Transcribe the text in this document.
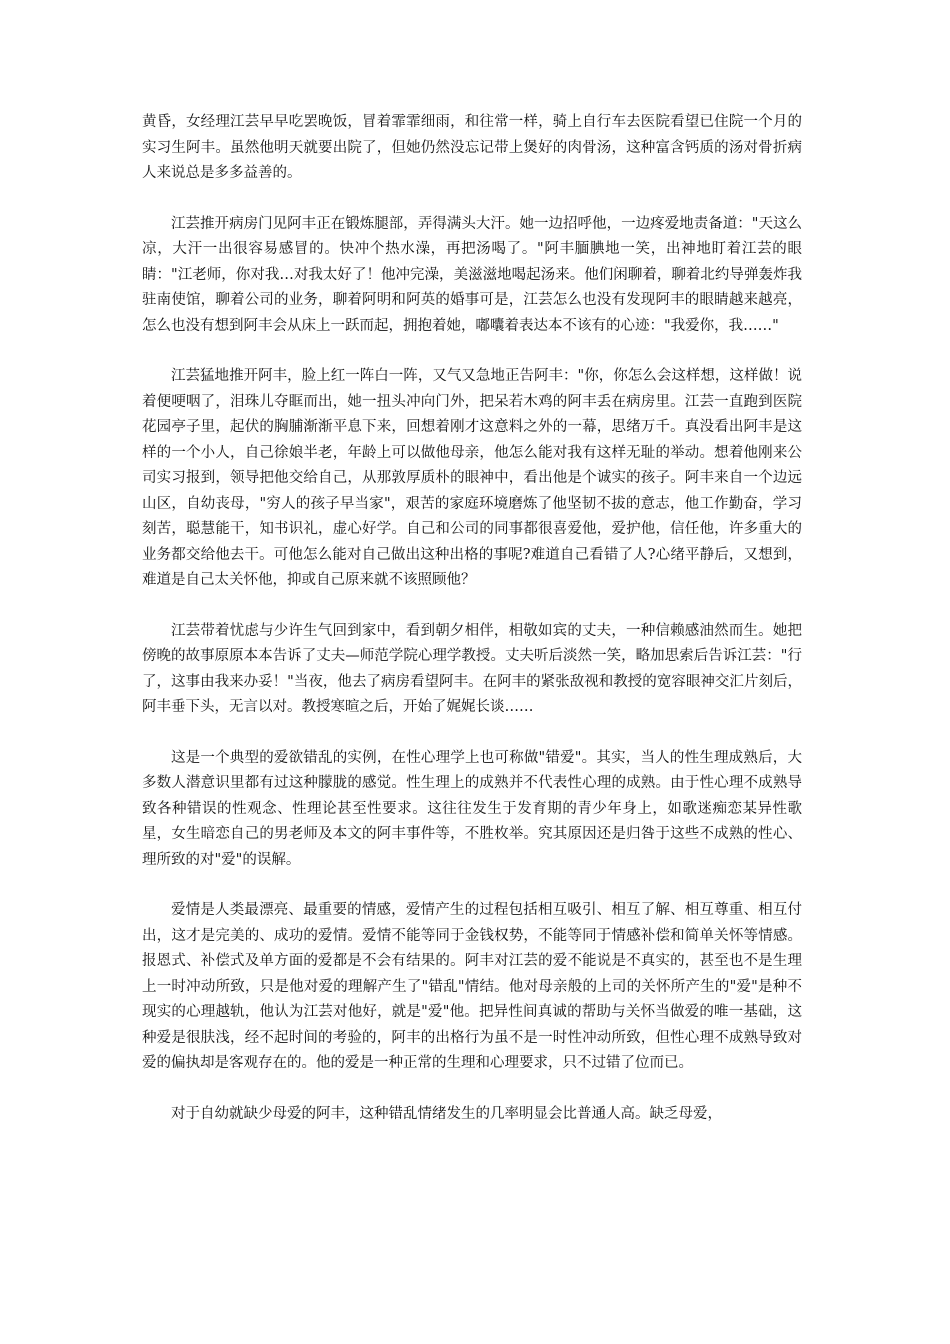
黄昏，女经理江芸早早吃罢晚饭，冒着霏霏细雨，和往常一样，骑上自行车去医院看望已住院一个月的实习生阿丰。虽然他明天就要出院了，但她仍然没忘记带上煲好的肉骨汤，这种富含钙质的汤对骨折病人来说总是多多益善的。

江芸推开病房门见阿丰正在锻炼腿部，弄得满头大汗。她一边招呼他，一边疼爱地责备道："天这么凉，大汗一出很容易感冒的。快冲个热水澡，再把汤喝了。"阿丰腼腆地一笑，出神地盯着江芸的眼睛："江老师，你对我…对我太好了！他冲完澡，美滋滋地喝起汤来。他们闲聊着，聊着北约导弹轰炸我驻南使馆，聊着公司的业务，聊着阿明和阿英的婚事可是，江芸怎么也没有发现阿丰的眼睛越来越亮，怎么也没有想到阿丰会从床上一跃而起，拥抱着她，嘟囔着表达本不该有的心迹："我爱你，我……"

江芸猛地推开阿丰，脸上红一阵白一阵，又气又急地正告阿丰："你，你怎么会这样想，这样做！说着便哽咽了，泪珠儿夺眶而出，她一扭头冲向门外，把呆若木鸡的阿丰丢在病房里。江芸一直跑到医院花园亭子里，起伏的胸脯渐渐平息下来，回想着刚才这意料之外的一幕，思绪万千。真没看出阿丰是这样的一个小人，自己徐娘半老，年龄上可以做他母亲，他怎么能对我有这样无耻的举动。想着他刚来公司实习报到，领导把他交给自己，从那敦厚质朴的眼神中，看出他是个诚实的孩子。阿丰来自一个边远山区，自幼丧母，"穷人的孩子早当家"，艰苦的家庭环境磨炼了他坚韧不拔的意志，他工作勤奋，学习刻苦，聪慧能干，知书识礼，虚心好学。自己和公司的同事都很喜爱他，爱护他，信任他，许多重大的业务都交给他去干。可他怎么能对自己做出这种出格的事呢?难道自己看错了人?心绪平静后，又想到，难道是自己太关怀他，抑或自己原来就不该照顾他？

江芸带着忧虑与少许生气回到家中，看到朝夕相伴，相敬如宾的丈夫，一种信赖感油然而生。她把傍晚的故事原原本本告诉了丈夫—师范学院心理学教授。丈夫听后淡然一笑，略加思索后告诉江芸："行了，这事由我来办妥！"当夜，他去了病房看望阿丰。在阿丰的紧张敌视和教授的宽容眼神交汇片刻后，阿丰垂下头，无言以对。教授寒暄之后，开始了娓娓长谈……

这是一个典型的爱欲错乱的实例，在性心理学上也可称做"错爱"。其实，当人的性生理成熟后，大多数人潜意识里都有过这种朦胧的感觉。性生理上的成熟并不代表性心理的成熟。由于性心理不成熟导致各种错误的性观念、性理论甚至性要求。这往往发生于发育期的青少年身上，如歌迷痴恋某异性歌星，女生暗恋自己的男老师及本文的阿丰事件等，不胜枚举。究其原因还是归咎于这些不成熟的性心、理所致的对"爱"的误解。

爱情是人类最漂亮、最重要的情感，爱情产生的过程包括相互吸引、相互了解、相互尊重、相互付出，这才是完美的、成功的爱情。爱情不能等同于金钱权势，不能等同于情感补偿和简单关怀等情感。报恩式、补偿式及单方面的爱都是不会有结果的。阿丰对江芸的爱不能说是不真实的，甚至也不是生理上一时冲动所致，只是他对爱的理解产生了"错乱"情结。他对母亲般的上司的关怀所产生的"爱"是种不现实的心理越轨，他认为江芸对他好，就是"爱"他。把异性间真诚的帮助与关怀当做爱的唯一基础，这种爱是很肤浅，经不起时间的考验的，阿丰的出格行为虽不是一时性冲动所致，但性心理不成熟导致对爱的偏执却是客观存在的。他的爱是一种正常的生理和心理要求，只不过错了位而已。

对于自幼就缺少母爱的阿丰，这种错乱情绪发生的几率明显会比普通人高。缺乏母爱，
